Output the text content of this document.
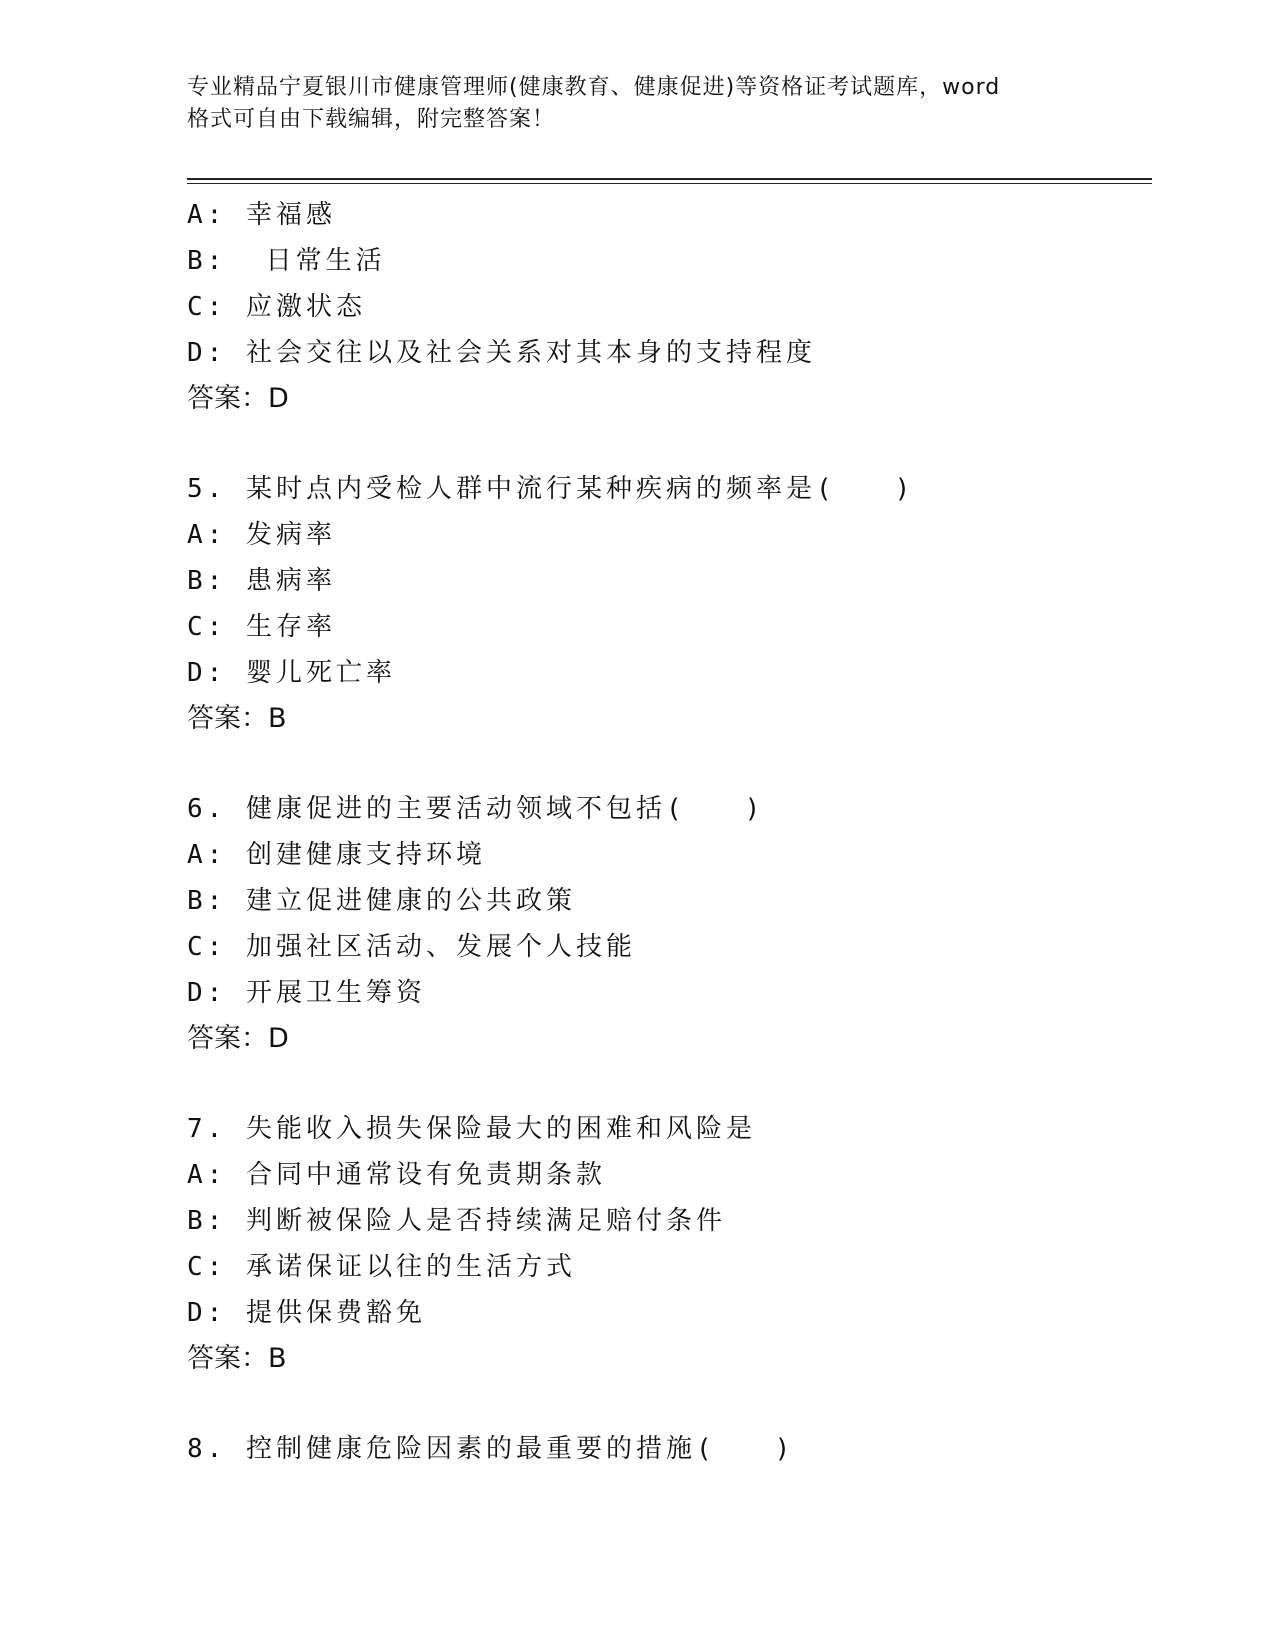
专业精品宁夏银川市健康管理师(健康教育、健康促进)等资格证考试题库，word
格式可自由下载编辑，附完整答案！
A: 幸福感
B:  日常生活
C: 应激状态
D: 社会交往以及社会关系对其本身的支持程度
答案：D
5. 某时点内受检人群中流行某种疾病的频率是(   )
A: 发病率
B: 患病率
C: 生存率
D: 婴儿死亡率
答案：B
6. 健康促进的主要活动领域不包括(   )
A: 创建健康支持环境
B: 建立促进健康的公共政策
C: 加强社区活动、发展个人技能
D: 开展卫生筹资
答案：D
7. 失能收入损失保险最大的困难和风险是
A: 合同中通常设有免责期条款
B: 判断被保险人是否持续满足赔付条件
C: 承诺保证以往的生活方式
D: 提供保费豁免
答案：B
8. 控制健康危险因素的最重要的措施(   )
